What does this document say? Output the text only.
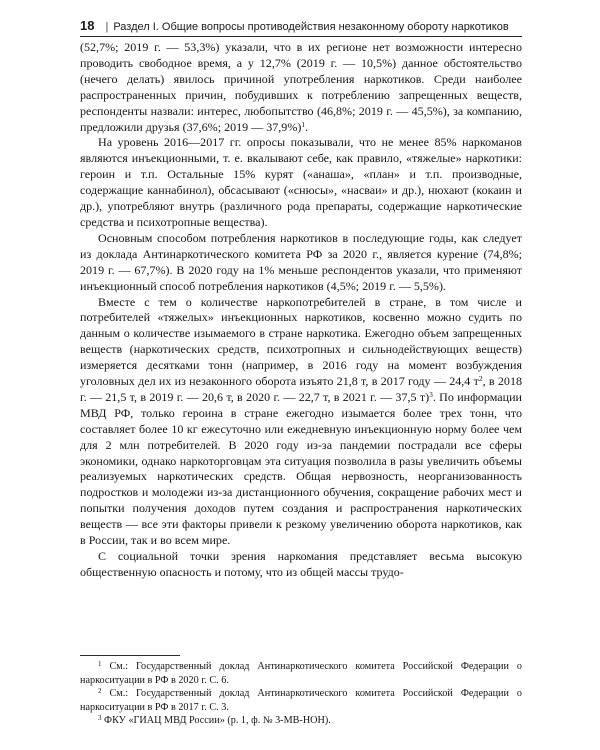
18 | Раздел I. Общие вопросы противодействия незаконному обороту наркотиков

(52,7%; 2019 г. — 53,3%) указали, что в их регионе нет возможности интересно проводить свободное время, а у 12,7% (2019 г. — 10,5%) данное обстоятельство (нечего делать) явилось причиной употребления наркотиков. Среди наиболее распространенных причин, побудивших к потреблению запрещенных веществ, респонденты назвали: интерес, любопытство (46,8%; 2019 г. — 45,5%), за компанию, предложили друзья (37,6%; 2019 — 37,9%)$^1$.

На уровень 2016—2017 гг. опросы показывали, что не менее 85% наркоманов являются инъекционными, т. е. вкалывают себе, как правило, «тяжелые» наркотики: героин и т.п. Остальные 15% курят («анаша», «план» и т.п. производные, содержащие каннабинол), обсасывают («снюсы», «насваи» и др.), нюхают (кокаин и др.), употребляют внутрь (различного рода препараты, содержащие наркотические средства и психотропные вещества).

Основным способом потребления наркотиков в последующие годы, как следует из доклада Антинаркотического комитета РФ за 2020 г., является курение (74,8%; 2019 г. — 67,7%). В 2020 году на 1% меньше респондентов указали, что применяют инъекционный способ потребления наркотиков (4,5%; 2019 г. — 5,5%).

Вместе с тем о количестве наркопотребителей в стране, в том числе и потребителей «тяжелых» инъекционных наркотиков, косвенно можно судить по данным о количестве изымаемого в стране наркотика. Ежегодно объем запрещенных веществ (наркотических средств, психотропных и сильнодействующих веществ) измеряется десятками тонн (например, в 2016 году на момент возбуждения уголовных дел их из незаконного оборота изъято 21,8 т, в 2017 году — 24,4 $т^2$, в 2018 г. — 21,5 т, в 2019 г. — 20,6 т, в 2020 г. — 22,7 т, в 2021 г. — 37,5 т)$^3$. По информации МВД РФ, только героина в стране ежегодно изымается более трех тонн, что составляет более 10 кг ежесуточно или ежедневную инъекционную норму более чем для 2 млн потребителей. В 2020 году из-за пандемии пострадали все сферы экономики, однако наркоторговцам эта ситуация позволила в разы увеличить объемы реализуемых наркотических средств. Общая нервозность, неорганизованность подростков и молодежи из-за дистанционного обучения, сокращение рабочих мест и попытки получения доходов путем создания и распространения наркотических веществ — все эти факторы привели к резкому увеличению оборота наркотиков, как в России, так и во всем мире.

С социальной точки зрения наркомания представляет весьма высокую общественную опасность и потому, что из общей массы трудо-

$^1$ См.: Государственный доклад Антинаркотического комитета Российской Федерации о наркоситуации в РФ в 2020 г. С. 6.

$^2$ См.: Государственный доклад Антинаркотического комитета Российской Федерации о наркоситуации в РФ в 2017 г. С. 3.

$^3$ ФКУ «ГИАЦ МВД России» (р. 1, ф. № 3-МВ-НОН).
